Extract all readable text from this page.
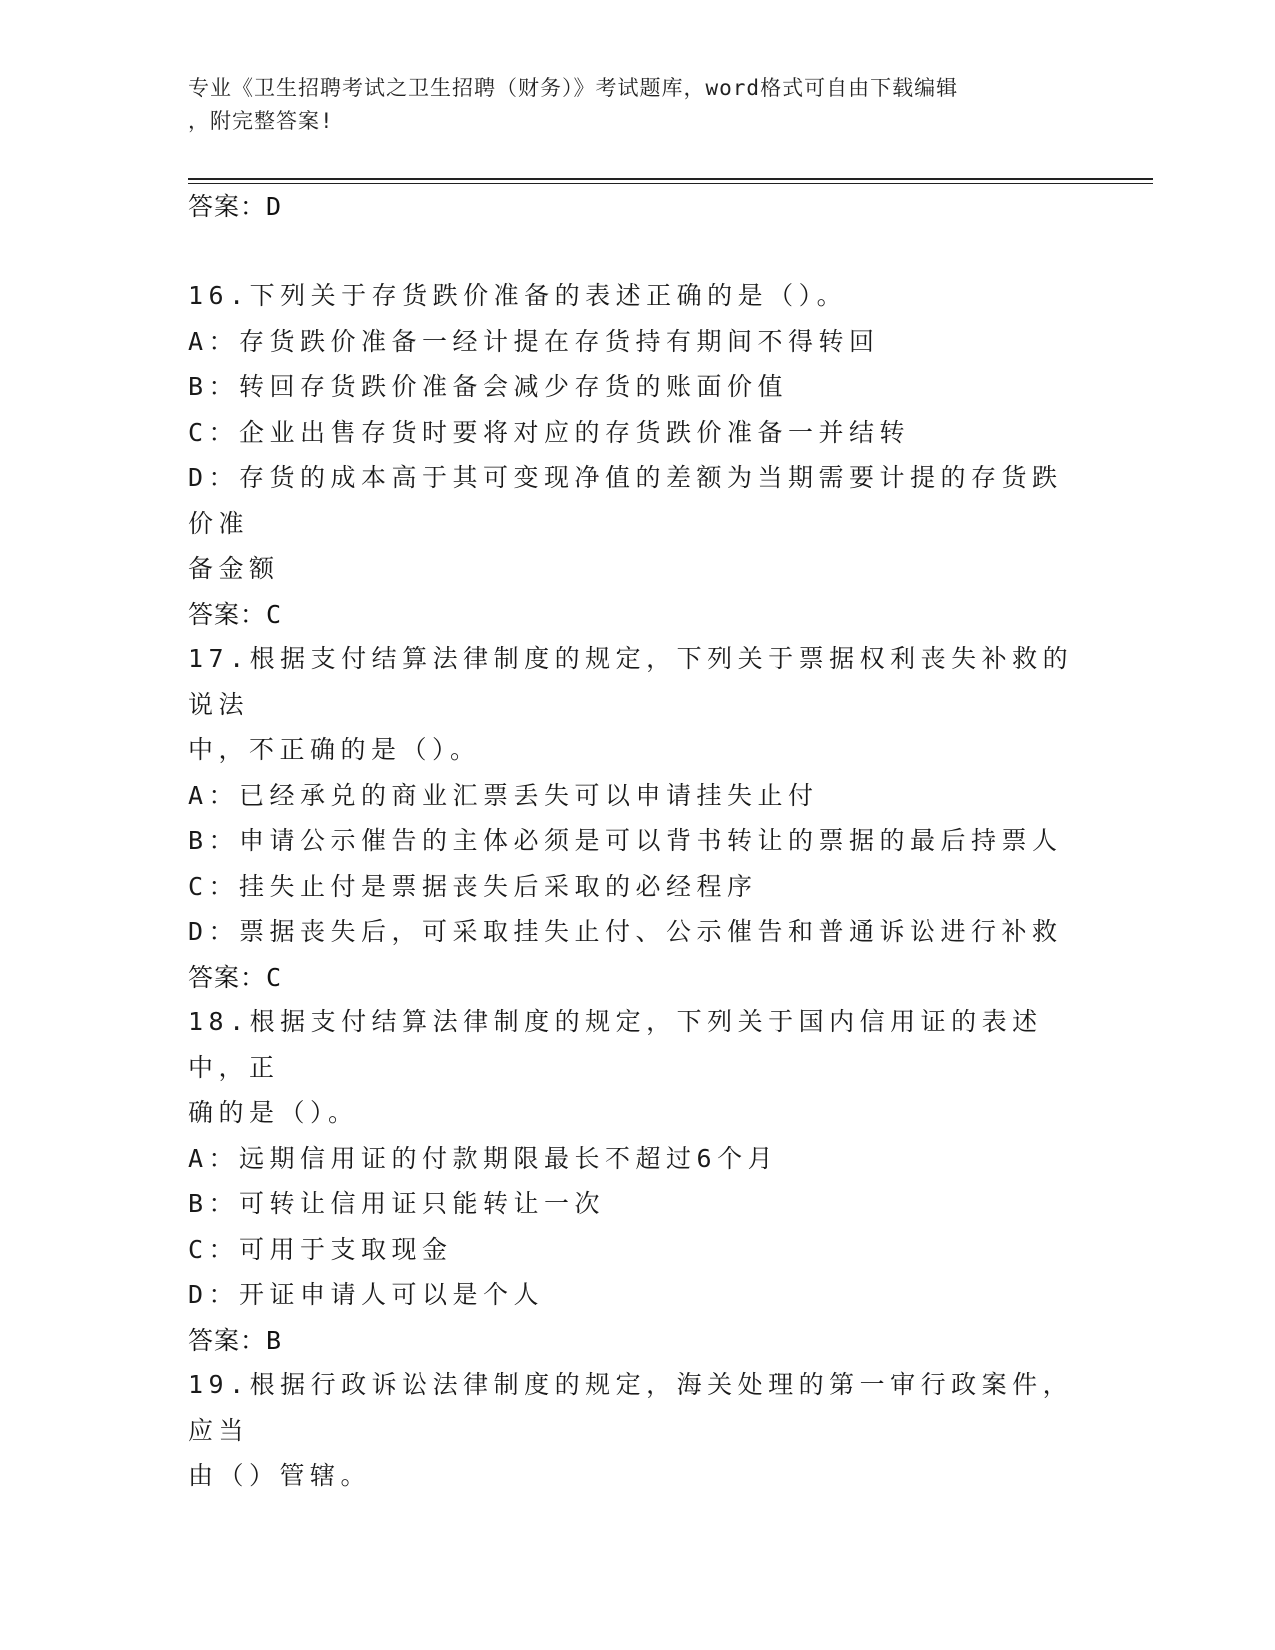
专业《卫生招聘考试之卫生招聘（财务）》考试题库，word格式可自由下载编辑
，附完整答案!
答案：D

16.下列关于存货跌价准备的表述正确的是（）。

A：存货跌价准备一经计提在存货持有期间不得转回

B：转回存货跌价准备会减少存货的账面价值

C：企业出售存货时要将对应的存货跌价准备一并结转

D：存货的成本高于其可变现净值的差额为当期需要计提的存货跌价准

备金额

答案：C

17.根据支付结算法律制度的规定，下列关于票据权利丧失补救的说法

中，不正确的是（）。

A：已经承兑的商业汇票丢失可以申请挂失止付

B：申请公示催告的主体必须是可以背书转让的票据的最后持票人

C：挂失止付是票据丧失后采取的必经程序

D：票据丧失后，可采取挂失止付、公示催告和普通诉讼进行补救

答案：C

18.根据支付结算法律制度的规定，下列关于国内信用证的表述中，正

确的是（）。

A：远期信用证的付款期限最长不超过6个月

B：可转让信用证只能转让一次

C：可用于支取现金

D：开证申请人可以是个人

答案：B

19.根据行政诉讼法律制度的规定，海关处理的第一审行政案件，应当

由（）管辖。
